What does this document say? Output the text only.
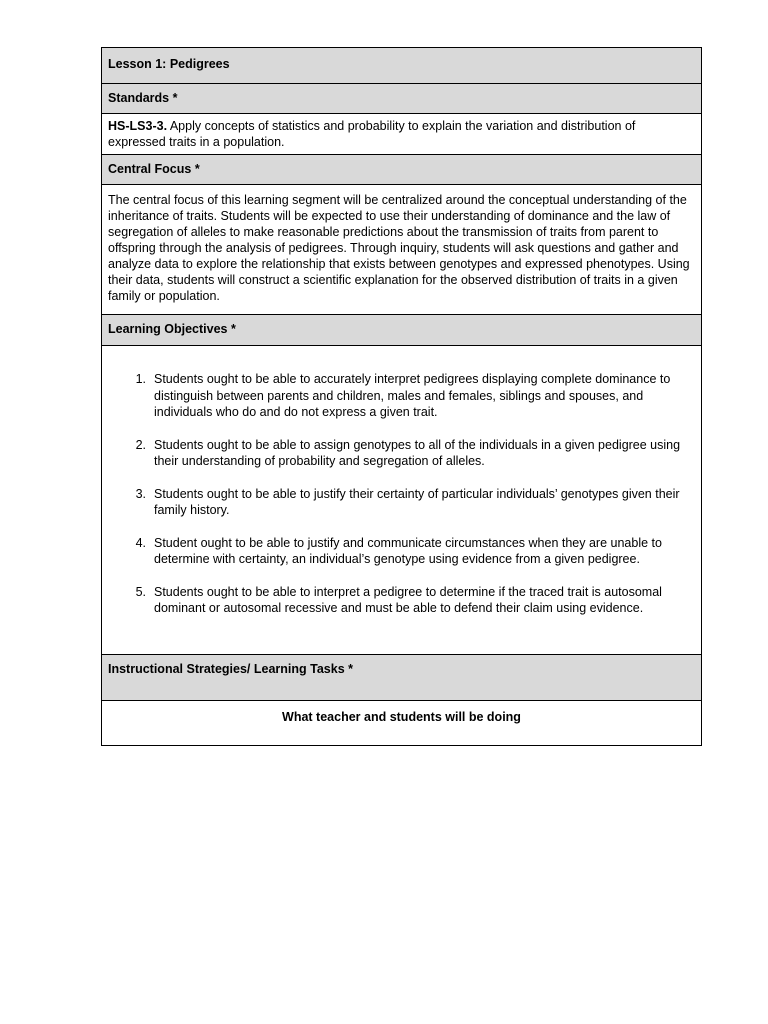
Lesson 1: Pedigrees
Standards *
HS-LS3-3. Apply concepts of statistics and probability to explain the variation and distribution of expressed traits in a population.
Central Focus *
The central focus of this learning segment will be centralized around the conceptual understanding of the inheritance of traits. Students will be expected to use their understanding of dominance and the law of segregation of alleles to make reasonable predictions about the transmission of traits from parent to offspring through the analysis of pedigrees. Through inquiry, students will ask questions and gather and analyze data to explore the relationship that exists between genotypes and expressed phenotypes. Using their data, students will construct a scientific explanation for the observed distribution of traits in a given family or population.
Learning Objectives *
1. Students ought to be able to accurately interpret pedigrees displaying complete dominance to distinguish between parents and children, males and females, siblings and spouses, and individuals who do and do not express a given trait.
2. Students ought to be able to assign genotypes to all of the individuals in a given pedigree using their understanding of probability and segregation of alleles.
3. Students ought to be able to justify their certainty of particular individuals’ genotypes given their family history.
4. Student ought to be able to justify and communicate circumstances when they are unable to determine with certainty, an individual’s genotype using evidence from a given pedigree.
5. Students ought to be able to interpret a pedigree to determine if the traced trait is autosomal dominant or autosomal recessive and must be able to defend their claim using evidence.
Instructional Strategies/ Learning Tasks *
What teacher and students will be doing
